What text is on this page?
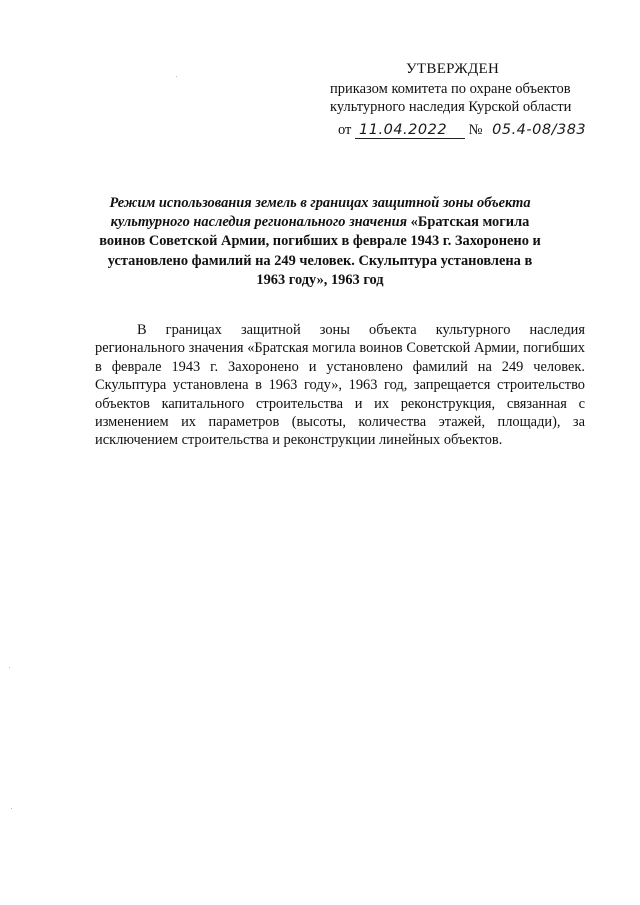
УТВЕРЖДЕН
приказом комитета по охране объектов
культурного наследия Курской области
от 11.04.2022 № 05.4-08/383
Режим использования земель в границах защитной зоны объекта культурного наследия регионального значения «Братская могила воинов Советской Армии, погибших в феврале 1943 г. Захоронено и установлено фамилий на 249 человек. Скульптура установлена в 1963 году», 1963 год
В границах защитной зоны объекта культурного наследия регионального значения «Братская могила воинов Советской Армии, погибших в феврале 1943 г. Захоронено и установлено фамилий на 249 человек. Скульптура установлена в 1963 году», 1963 год, запрещается строительство объектов капитального строительства и их реконструкция, связанная с изменением их параметров (высоты, количества этажей, площади), за исключением строительства и реконструкции линейных объектов.
